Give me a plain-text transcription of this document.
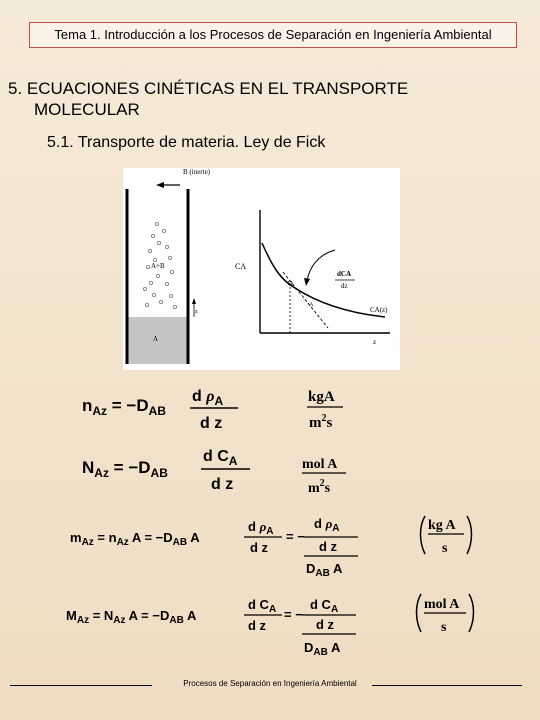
Tema 1. Introducción a los Procesos de Separación en Ingeniería Ambiental
5. ECUACIONES CINÉTICAS EN EL TRANSPORTE
MOLECULAR
5.1. Transporte de materia. Ley de Fick
B (inerte)
A+B
A
z
CA
z
A
dCA
dz
CA(z)
$n_{Az} = -D_{AB}$
d $\rho_A$
d z
kgA
$m^2s$
$N_{Az} = -D_{AB}$
d $C_A$
d z
mol A
$m^2s$
$m_{Az} = n_{Az}$ $A = -D_{AB}$ A
d $\rho_A$
d z
= −
d $\rho_A$
d z
$D_{AB}$ A
kg A
s
$M_{Az} = N_{Az}$ $A = -D_{AB}$ A
d $C_A$
d z
= −
d $C_A$
d z
$D_{AB}$ A
mol A
s
Procesos de Separación en Ingeniería Ambiental
